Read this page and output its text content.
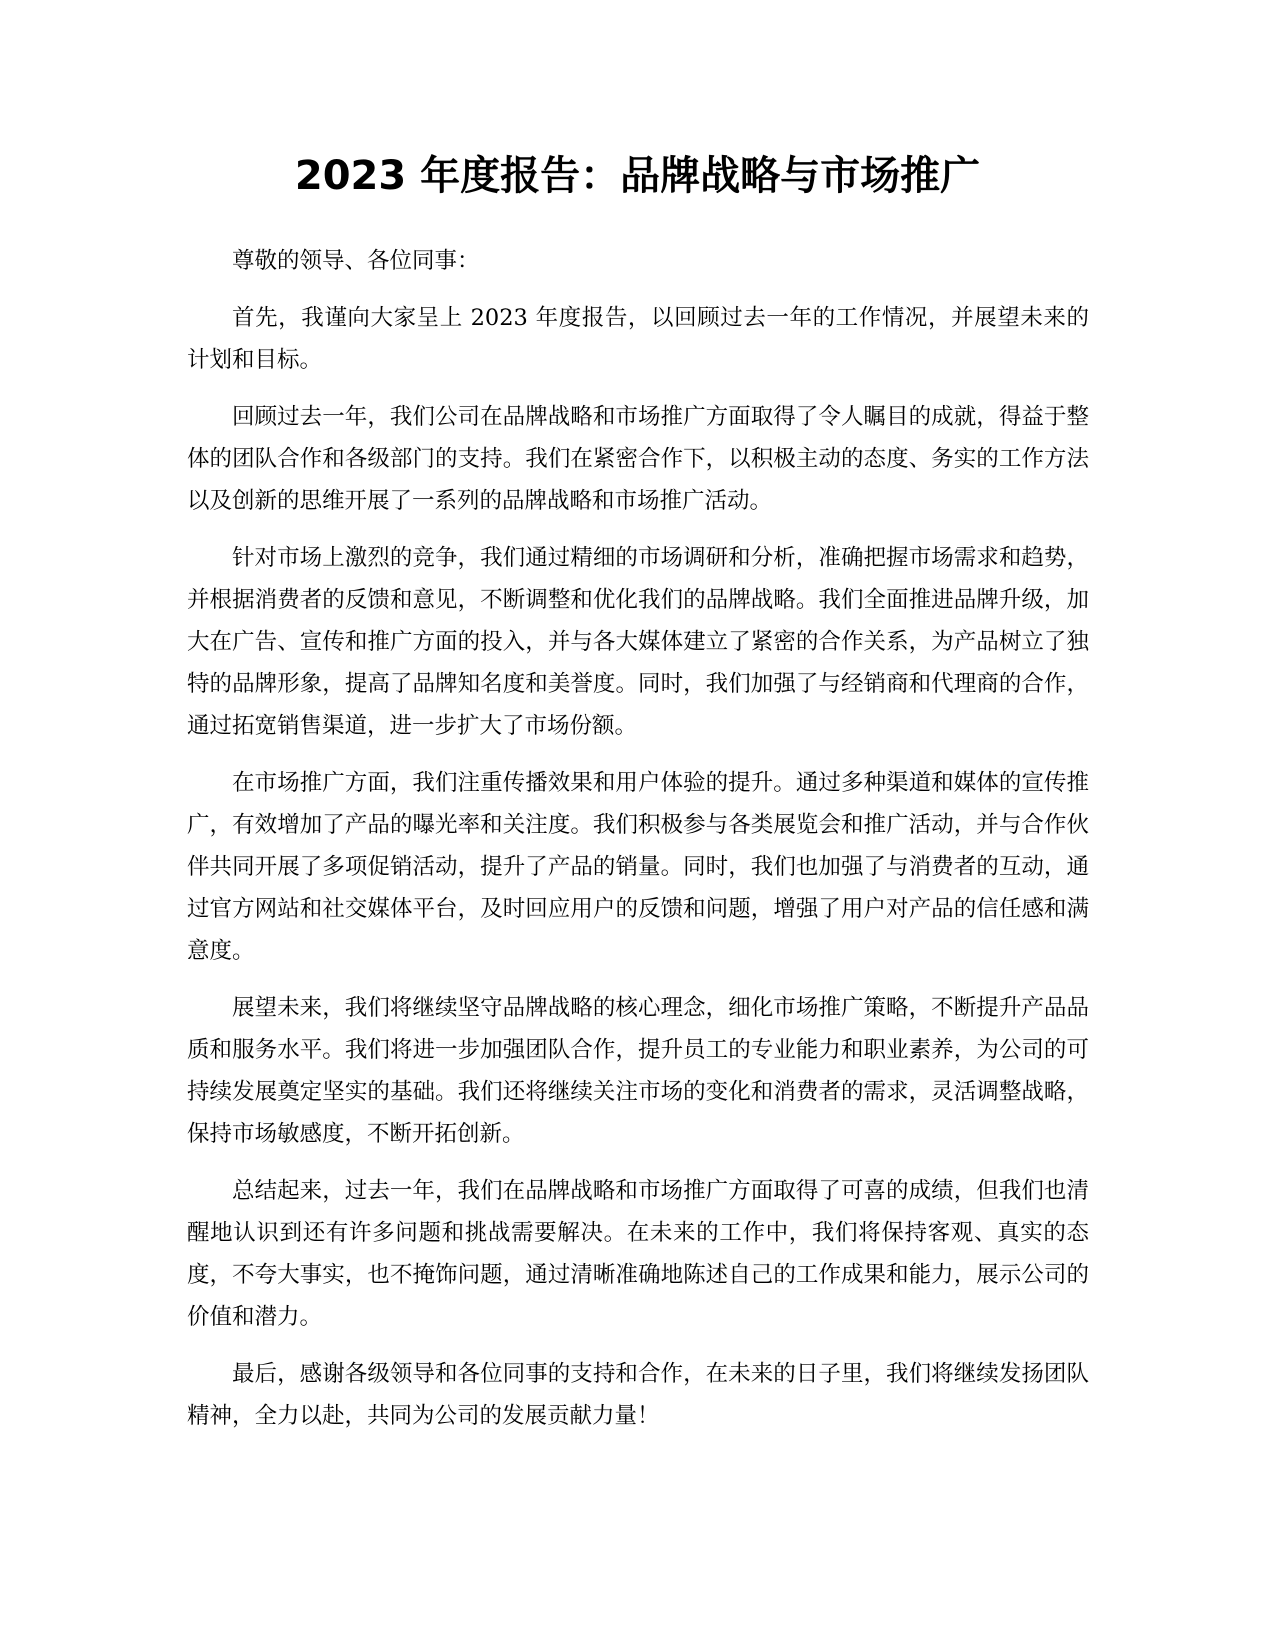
2023 年度报告：品牌战略与市场推广

尊敬的领导、各位同事：

首先，我谨向大家呈上 2023 年度报告，以回顾过去一年的工作情况，并展望未来的计划和目标。

回顾过去一年，我们公司在品牌战略和市场推广方面取得了令人瞩目的成就，得益于整体的团队合作和各级部门的支持。我们在紧密合作下，以积极主动的态度、务实的工作方法以及创新的思维开展了一系列的品牌战略和市场推广活动。

针对市场上激烈的竞争，我们通过精细的市场调研和分析，准确把握市场需求和趋势，并根据消费者的反馈和意见，不断调整和优化我们的品牌战略。我们全面推进品牌升级，加大在广告、宣传和推广方面的投入，并与各大媒体建立了紧密的合作关系，为产品树立了独特的品牌形象，提高了品牌知名度和美誉度。同时，我们加强了与经销商和代理商的合作，通过拓宽销售渠道，进一步扩大了市场份额。

在市场推广方面，我们注重传播效果和用户体验的提升。通过多种渠道和媒体的宣传推广，有效增加了产品的曝光率和关注度。我们积极参与各类展览会和推广活动，并与合作伙伴共同开展了多项促销活动，提升了产品的销量。同时，我们也加强了与消费者的互动，通过官方网站和社交媒体平台，及时回应用户的反馈和问题，增强了用户对产品的信任感和满意度。

展望未来，我们将继续坚守品牌战略的核心理念，细化市场推广策略，不断提升产品品质和服务水平。我们将进一步加强团队合作，提升员工的专业能力和职业素养，为公司的可持续发展奠定坚实的基础。我们还将继续关注市场的变化和消费者的需求，灵活调整战略，保持市场敏感度，不断开拓创新。

总结起来，过去一年，我们在品牌战略和市场推广方面取得了可喜的成绩，但我们也清醒地认识到还有许多问题和挑战需要解决。在未来的工作中，我们将保持客观、真实的态度，不夸大事实，也不掩饰问题，通过清晰准确地陈述自己的工作成果和能力，展示公司的价值和潜力。

最后，感谢各级领导和各位同事的支持和合作，在未来的日子里，我们将继续发扬团队精神，全力以赴，共同为公司的发展贡献力量！
